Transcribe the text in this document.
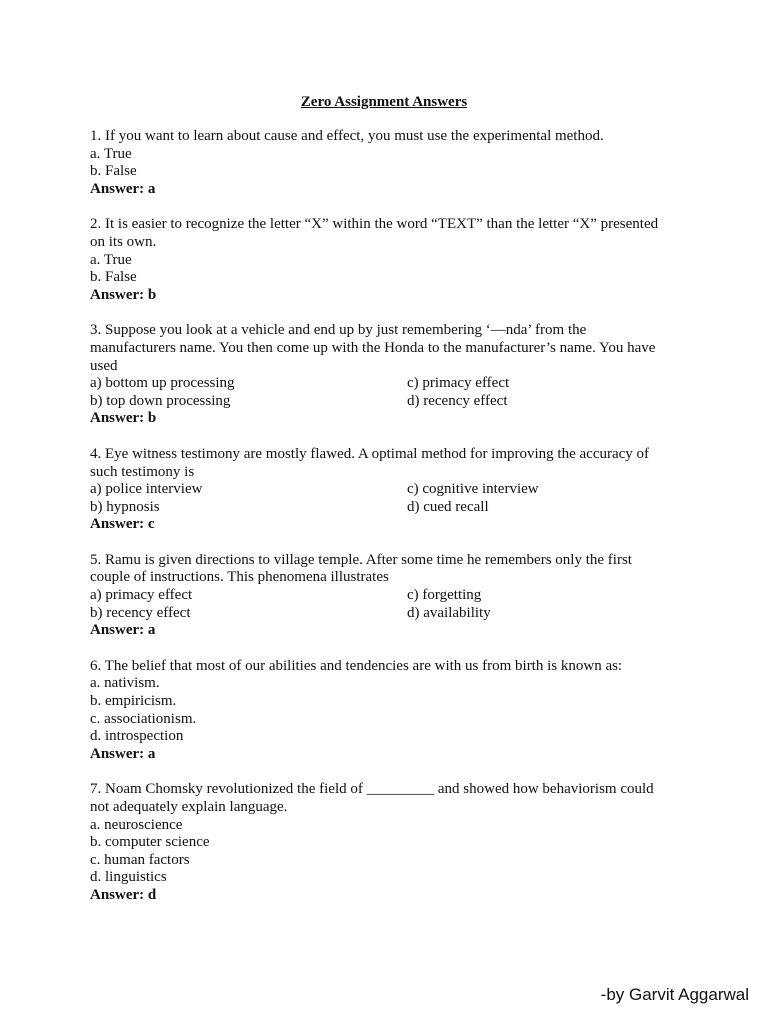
Zero Assignment Answers
1. If you want to learn about cause and effect, you must use the experimental method.
a. True
b. False
Answer: a
2. It is easier to recognize the letter “X” within the word “TEXT” than the letter “X” presented
on its own.
a. True
b. False
Answer: b
3. Suppose you look at a vehicle and end up by just remembering ‘—nda’ from the
manufacturers name. You then come up with the Honda to the manufacturer’s name. You have
used
a) bottom up processing	c) primacy effect
b) top down processing	d) recency effect
Answer: b
4. Eye witness testimony are mostly flawed. A optimal method for improving the accuracy of
such testimony is
a) police interview	c) cognitive interview
b) hypnosis	d) cued recall
Answer: c
5. Ramu is given directions to village temple. After some time he remembers only the first
couple of instructions. This phenomena illustrates
a) primacy effect	c) forgetting
b) recency effect	d) availability
Answer: a
6. The belief that most of our abilities and tendencies are with us from birth is known as:
a. nativism.
b. empiricism.
c. associationism.
d. introspection
Answer: a
7. Noam Chomsky revolutionized the field of _________ and showed how behaviorism could
not adequately explain language.
a. neuroscience
b. computer science
c. human factors
d. linguistics
Answer: d
-by Garvit Aggarwal
